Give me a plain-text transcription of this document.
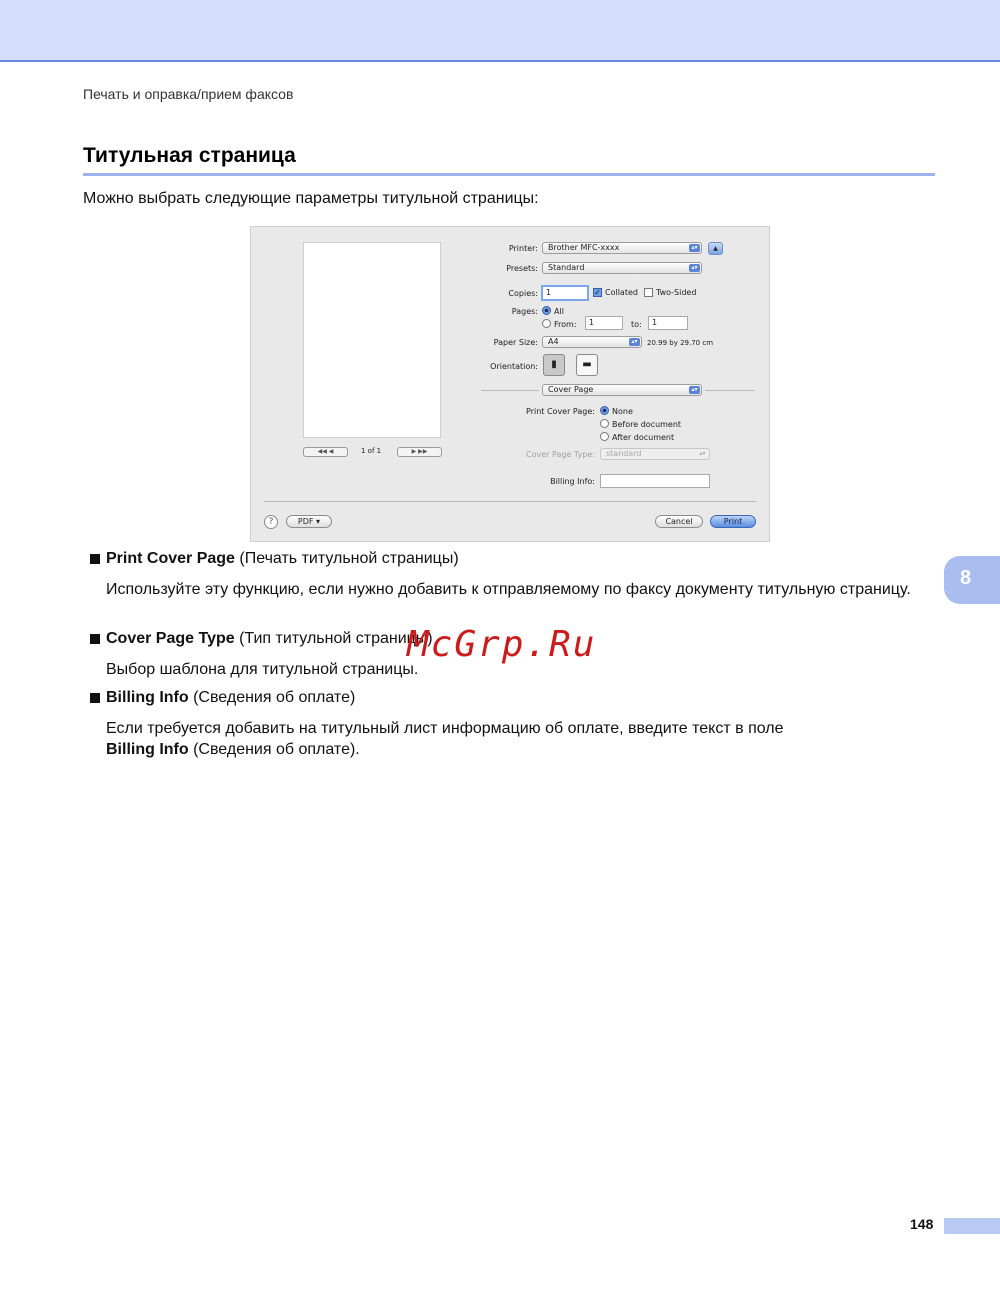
Печать и оправка/прием факсов
Титульная страница
Можно выбрать следующие параметры титульной страницы:
◀◀ ◀	1 of 1	▶ ▶▶
Printer:	Brother MFC-xxxx	▴▾	▲
Presets:	Standard	▴▾
Copies:	1	✓ Collated Two-Sided
Pages: All
From:	1	to:	1
Paper Size:	A4	▴▾	20.99 by 29.70 cm
Orientation:	▮	▬
Cover Page	▴▾
Print Cover Page: None
Before document
After document
Cover Page Type:	standard	▴▾
Billing Info:
?	PDF ▾	Cancel	Print
Print Cover Page (Печать титульной страницы)
Используйте эту функцию, если нужно добавить к отправляемому по факсу документу титульную страницу.
Cover Page Type (Тип титульной страницы)
Выбор шаблона для титульной страницы.
Billing Info (Сведения об оплате)
Если требуется добавить на титульный лист информацию об оплате, введите текст в поле
Billing Info (Сведения об оплате).
8
McGrp.Ru
148
